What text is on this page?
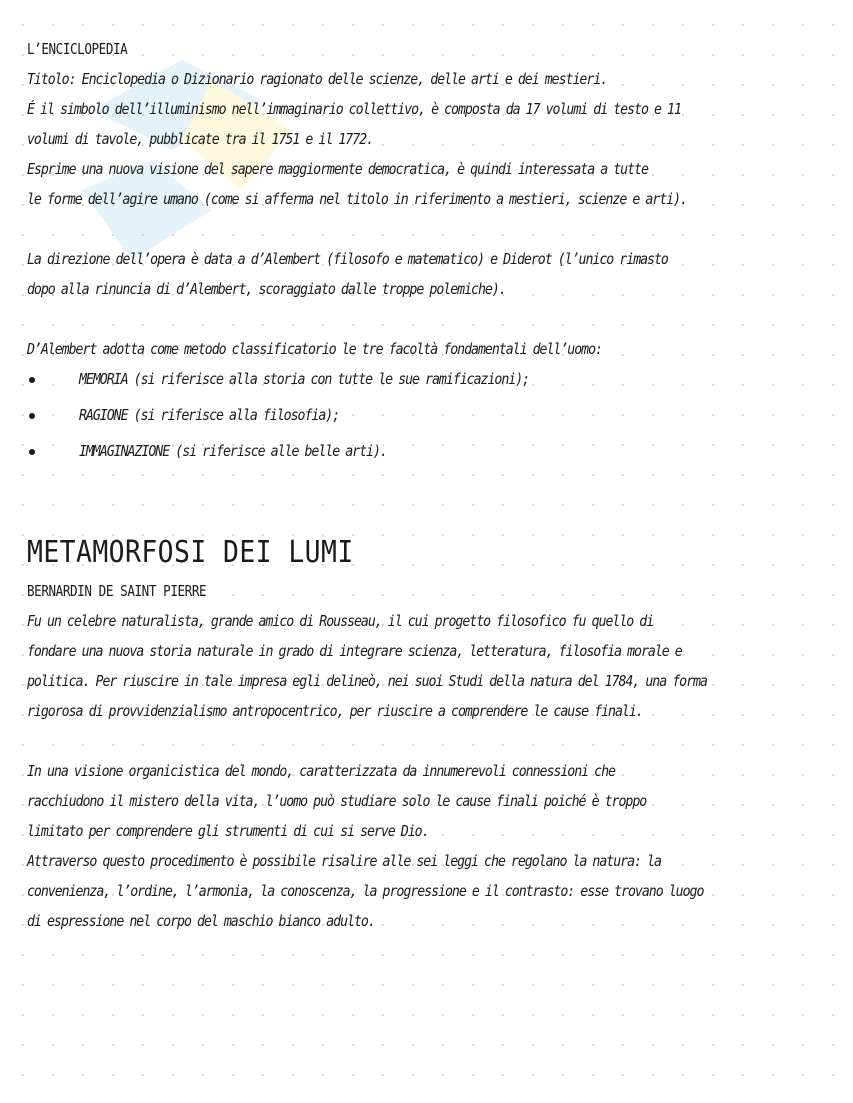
L’ENCICLOPEDIA
Titolo: Enciclopedia o Dizionario ragionato delle scienze, delle arti e dei mestieri.
É il simbolo dell’illuminismo nell’immaginario collettivo, è composta da 17 volumi di testo e 11
volumi di tavole, pubblicate tra il 1751 e il 1772.
Esprime una nuova visione del sapere maggiormente democratica, è quindi interessata a tutte
le forme dell’agire umano (come si afferma nel titolo in riferimento a mestieri, scienze e arti).
La direzione dell’opera è data a d’Alembert (filosofo e matematico) e Diderot (l’unico rimasto
dopo alla rinuncia di d’Alembert, scoraggiato dalle troppe polemiche).
D’Alembert adotta come metodo classificatorio le tre facoltà fondamentali dell’uomo:
MEMORIA (si riferisce alla storia con tutte le sue ramificazioni);
RAGIONE (si riferisce alla filosofia);
IMMAGINAZIONE (si riferisce alle belle arti).
METAMORFOSI DEI LUMI
BERNARDIN DE SAINT PIERRE
Fu un celebre naturalista, grande amico di Rousseau, il cui progetto filosofico fu quello di
fondare una nuova storia naturale in grado di integrare scienza, letteratura, filosofia morale e
politica. Per riuscire in tale impresa egli delineò, nei suoi Studi della natura del 1784, una forma
rigorosa di provvidenzialismo antropocentrico, per riuscire a comprendere le cause finali.
In una visione organicistica del mondo, caratterizzata da innumerevoli connessioni che
racchiudono il mistero della vita, l’uomo può studiare solo le cause finali poiché è troppo
limitato per comprendere gli strumenti di cui si serve Dio.
Attraverso questo procedimento è possibile risalire alle sei leggi che regolano la natura: la
convenienza, l’ordine, l’armonia, la conoscenza, la progressione e il contrasto: esse trovano luogo
di espressione nel corpo del maschio bianco adulto.
